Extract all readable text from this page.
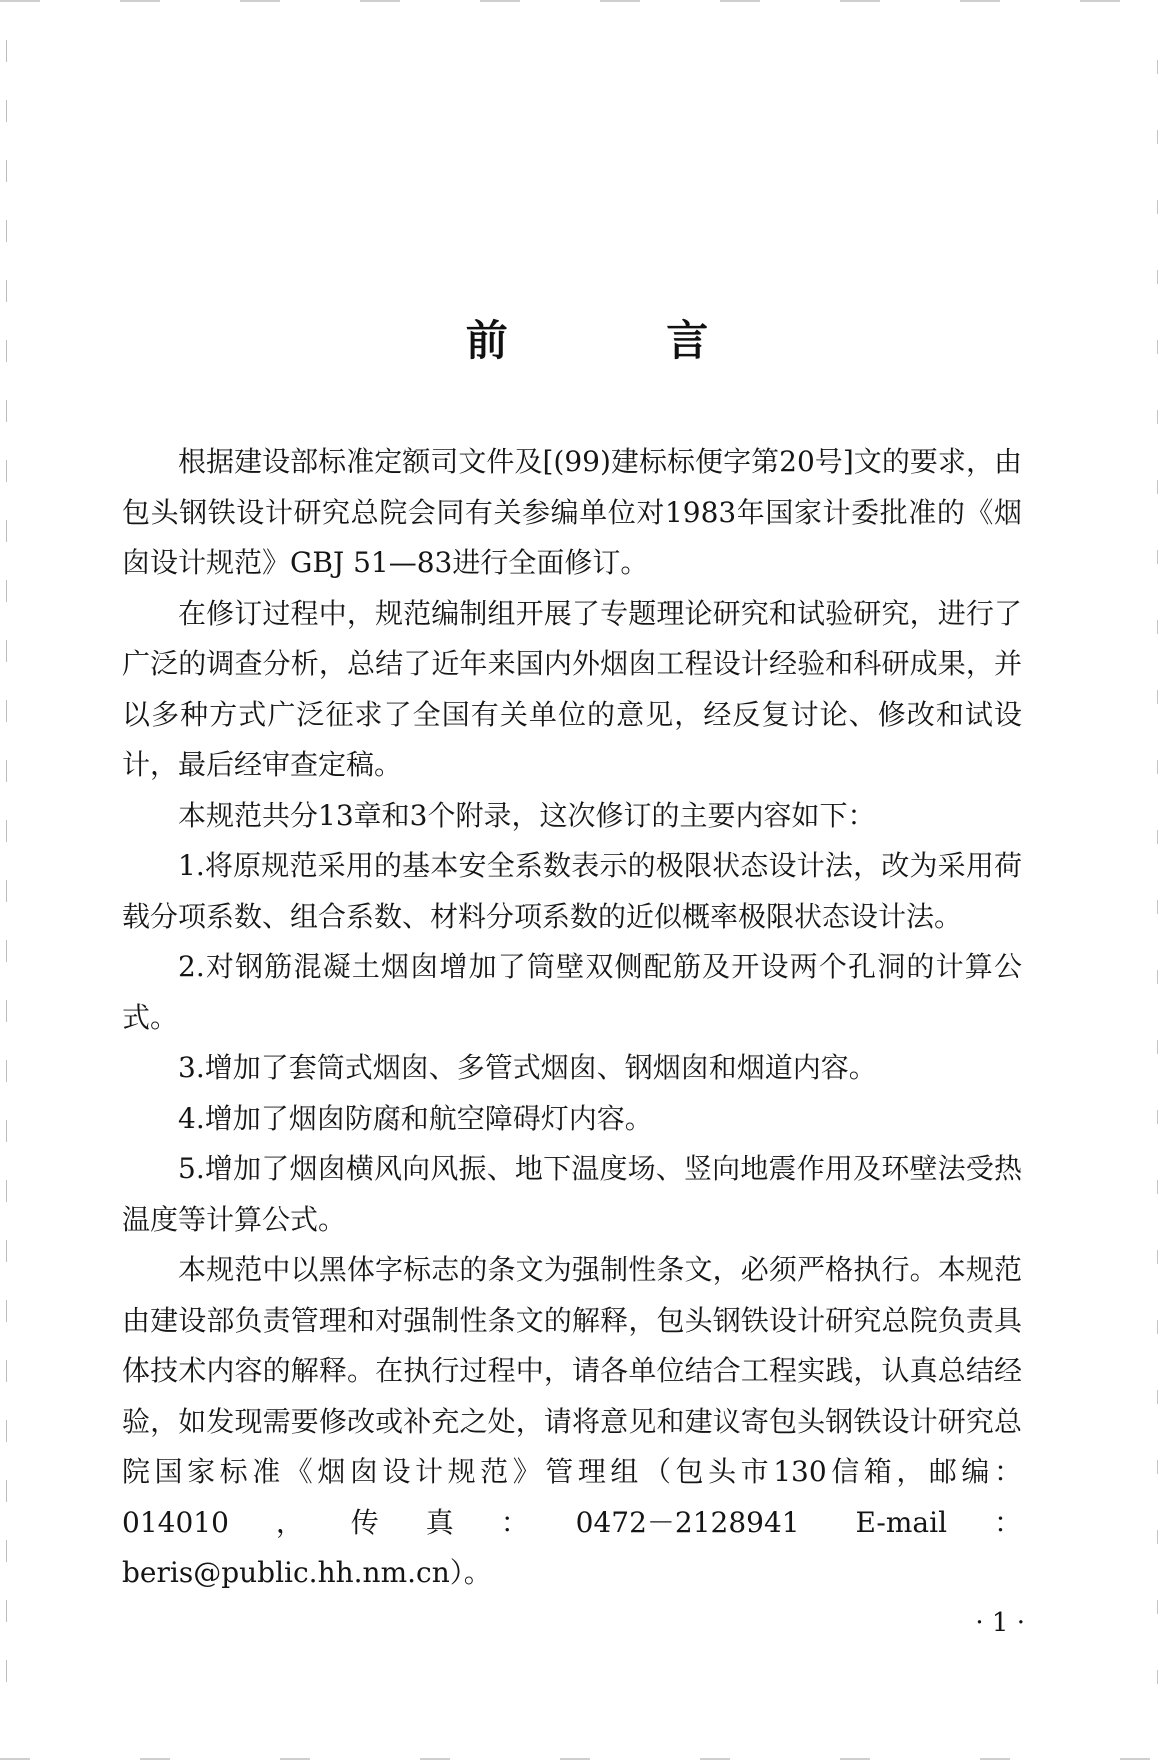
前 言

根据建设部标准定额司文件及[(99)建标标便字第20号]文的要求，由包头钢铁设计研究总院会同有关参编单位对1983年国家计委批准的《烟囱设计规范》GBJ 51—83进行全面修订。

在修订过程中，规范编制组开展了专题理论研究和试验研究，进行了广泛的调查分析，总结了近年来国内外烟囱工程设计经验和科研成果，并以多种方式广泛征求了全国有关单位的意见，经反复讨论、修改和试设计，最后经审查定稿。

本规范共分13章和3个附录，这次修订的主要内容如下：

1.将原规范采用的基本安全系数表示的极限状态设计法，改为采用荷载分项系数、组合系数、材料分项系数的近似概率极限状态设计法。

2.对钢筋混凝土烟囱增加了筒壁双侧配筋及开设两个孔洞的计算公式。

3.增加了套筒式烟囱、多管式烟囱、钢烟囱和烟道内容。

4.增加了烟囱防腐和航空障碍灯内容。

5.增加了烟囱横风向风振、地下温度场、竖向地震作用及环壁法受热温度等计算公式。

本规范中以黑体字标志的条文为强制性条文，必须严格执行。本规范由建设部负责管理和对强制性条文的解释，包头钢铁设计研究总院负责具体技术内容的解释。在执行过程中，请各单位结合工程实践，认真总结经验，如发现需要修改或补充之处，请将意见和建议寄包头钢铁设计研究总院国家标准《烟囱设计规范》管理组（包头市130信箱，邮编：014010，传真：0472－2128941 E-mail：beris@public.hh.nm.cn）。

· 1 ·
